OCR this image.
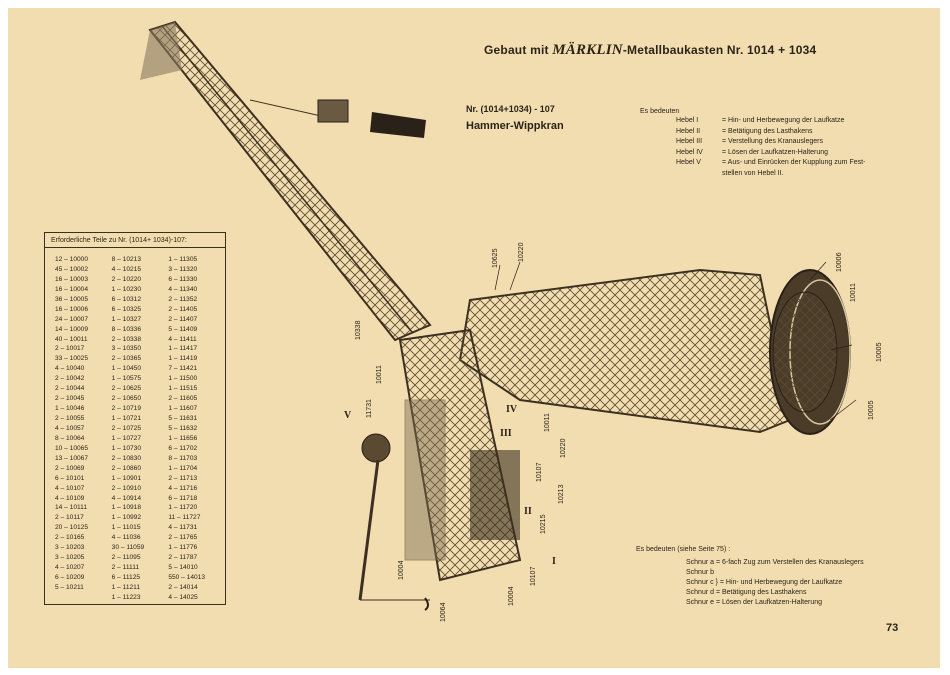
Gebaut mit MÄRKLIN-Metallbaukasten Nr. 1014 + 1034
Nr. (1014+1034) - 107
Hammer-Wippkran
Es bedeuten
Hebel I	= Hin- und Herbewegung der Laufkatze
Hebel II	= Betätigung des Lasthakens
Hebel III	= Verstellung des Kranauslegers
Hebel IV	= Lösen der Laufkatzen-Halterung
Hebel V	= Aus- und Einrücken der Kupplung zum Fest-
stellen von Hebel II.
Erforderliche Teile zu Nr. (1014+ 1034)-107:
12 – 10000
45 – 10002
16 – 10003
16 – 10004
36 – 10005
16 – 10006
24 – 10007
14 – 10009
40 – 10011
2 – 10017
33 – 10025
4 – 10040
2 – 10042
2 – 10044
2 – 10045
1 – 10046
2 – 10055
4 – 10057
8 – 10064
10 – 10065
13 – 10067
2 – 10069
6 – 10101
4 – 10107
4 – 10109
14 – 10111
2 – 10117
20 – 10125
2 – 10165
3 – 10203
3 – 10205
4 – 10207
6 – 10209
5 – 10211
8 – 10213
4 – 10215
2 – 10220
1 – 10230
6 – 10312
6 – 10325
1 – 10327
8 – 10336
2 – 10338
3 – 10350
2 – 10365
1 – 10450
1 – 10575
2 – 10625
2 – 10650
2 – 10719
1 – 10721
2 – 10725
1 – 10727
1 – 10730
2 – 10830
2 – 10860
1 – 10901
2 – 10910
4 – 10914
1 – 10918
1 – 10992
1 – 11015
4 – 11036
30 – 11059
2 – 11095
2 – 11111
6 – 11125
1 – 11211
1 – 11223
1 – 11305
3 – 11320
6 – 11330
4 – 11340
2 – 11352
2 – 11405
2 – 11407
5 – 11409
4 – 11411
1 – 11417
1 – 11419
7 – 11421
1 – 11500
1 – 11515
2 – 11605
1 – 11607
5 – 11631
5 – 11632
1 – 11656
6 – 11702
8 – 11703
1 – 11704
2 – 11713
4 – 11716
6 – 11718
1 – 11720
11 – 11727
4 – 11731
2 – 11765
1 – 11776
2 – 11787
5 – 14010
550 – 14013
2 – 14014
4 – 14025
10625	10220
10338
10011
11731
10011
10220
10107
10213
10215
10004
10064
10004
10107
10006
10011
10005
10005
V
IV
III
II
I
Es bedeuten (siehe Seite 75) :
Schnur a = 6-fach Zug zum Verstellen des Kranauslegers
Schnur b
Schnur c } = Hin- und Herbewegung der Laufkatze
Schnur d = Betätigung des Lasthakens
Schnur e = Lösen der Laufkatzen-Halterung
73
